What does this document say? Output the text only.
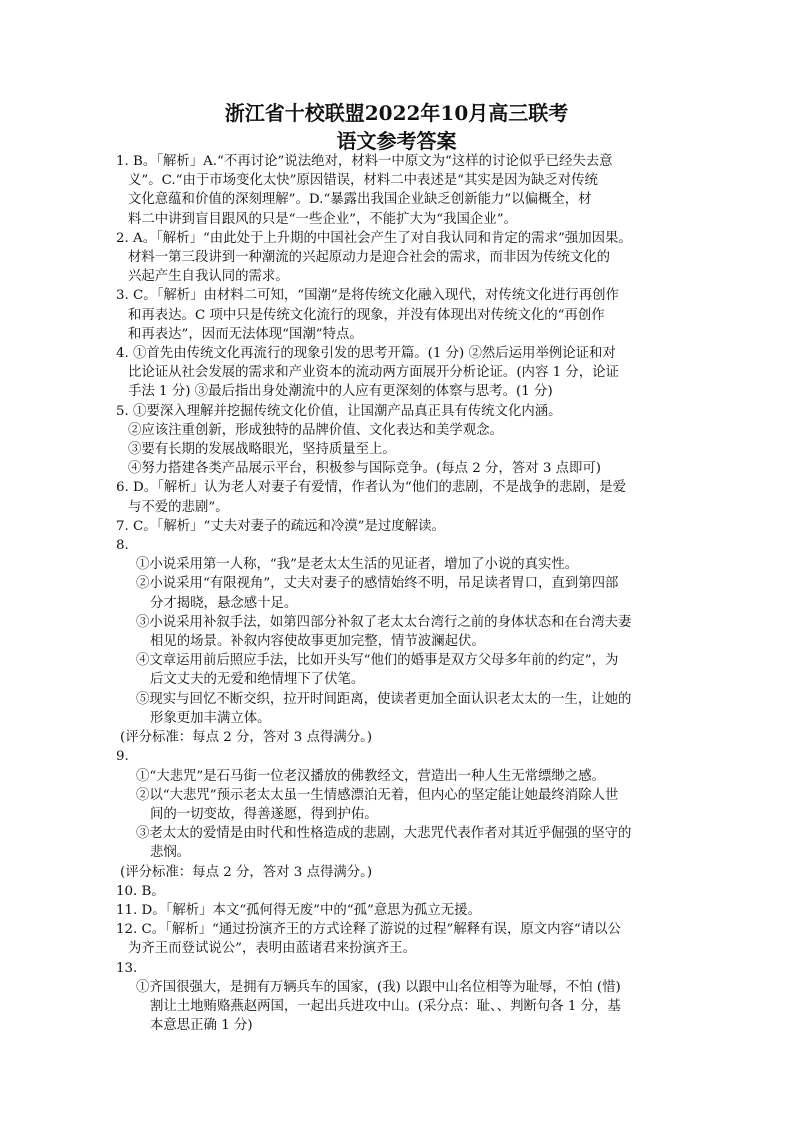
浙江省十校联盟2022年10月高三联考
语文参考答案
1. B。「解析」A.“不再讨论”说法绝对，材料一中原文为“这样的讨论似乎已经失去意
义”。C.“由于市场变化太快”原因错误，材料二中表述是“其实是因为缺乏对传统
文化意蕴和价值的深刻理解”。D.“暴露出我国企业缺乏创新能力”以偏概全，材
料二中讲到盲目跟风的只是“一些企业”，不能扩大为“我国企业”。
2. A。「解析」“由此处于上升期的中国社会产生了对自我认同和肯定的需求”强加因果。
材料一第三段讲到一种潮流的兴起原动力是迎合社会的需求，而非因为传统文化的
兴起产生自我认同的需求。
3. C。「解析」由材料二可知，“国潮”是将传统文化融入现代，对传统文化进行再创作
和再表达。C 项中只是传统文化流行的现象，并没有体现出对传统文化的“再创作
和再表达”，因而无法体现“国潮”特点。
4. ①首先由传统文化再流行的现象引发的思考开篇。(1 分) ②然后运用举例论证和对
比论证从社会发展的需求和产业资本的流动两方面展开分析论证。(内容 1 分，论证
手法 1 分) ③最后指出身处潮流中的人应有更深刻的体察与思考。(1 分)
5. ①要深入理解并挖掘传统文化价值，让国潮产品真正具有传统文化内涵。
②应该注重创新，形成独特的品牌价值、文化表达和美学观念。
③要有长期的发展战略眼光，坚持质量至上。
④努力搭建各类产品展示平台，积极参与国际竞争。(每点 2 分，答对 3 点即可)
6. D。「解析」认为老人对妻子有爱情，作者认为“他们的悲剧，不是战争的悲剧，是爱
与不爱的悲剧”。
7. C。「解析」“丈夫对妻子的疏远和冷漠”是过度解读。
8.
①小说采用第一人称，“我”是老太太生活的见证者，增加了小说的真实性。
②小说采用“有限视角”，丈夫对妻子的感情始终不明，吊足读者胃口，直到第四部
分才揭晓，悬念感十足。
③小说采用补叙手法，如第四部分补叙了老太太台湾行之前的身体状态和在台湾夫妻
相见的场景。补叙内容使故事更加完整，情节波澜起伏。
④文章运用前后照应手法，比如开头写“他们的婚事是双方父母多年前的约定”，为
后文丈夫的无爱和绝情埋下了伏笔。
⑤现实与回忆不断交织，拉开时间距离，使读者更加全面认识老太太的一生，让她的
形象更加丰满立体。
(评分标准：每点 2 分，答对 3 点得满分。)
9.
①“大悲咒”是石马街一位老汉播放的佛教经文，营造出一种人生无常缥缈之感。
②以“大悲咒”预示老太太虽一生情感漂泊无着，但内心的坚定能让她最终消除人世
间的一切变故，得善遂愿，得到护佑。
③老太太的爱情是由时代和性格造成的悲剧，大悲咒代表作者对其近乎倔强的坚守的
悲悯。
(评分标准：每点 2 分，答对 3 点得满分。)
10. B。
11. D。「解析」本文“孤何得无废”中的“孤”意思为孤立无援。
12. C。「解析」“通过扮演齐王的方式诠释了游说的过程”解释有误，原文内容“请以公
为齐王而登试说公”，表明由蓝诸君来扮演齐王。
13.
①齐国很强大，是拥有万辆兵车的国家，(我) 以跟中山名位相等为耻辱，不怕 (惜)
割让土地贿赂燕赵两国，一起出兵进攻中山。(采分点：耻、、判断句各 1 分，基
本意思正确 1 分)
